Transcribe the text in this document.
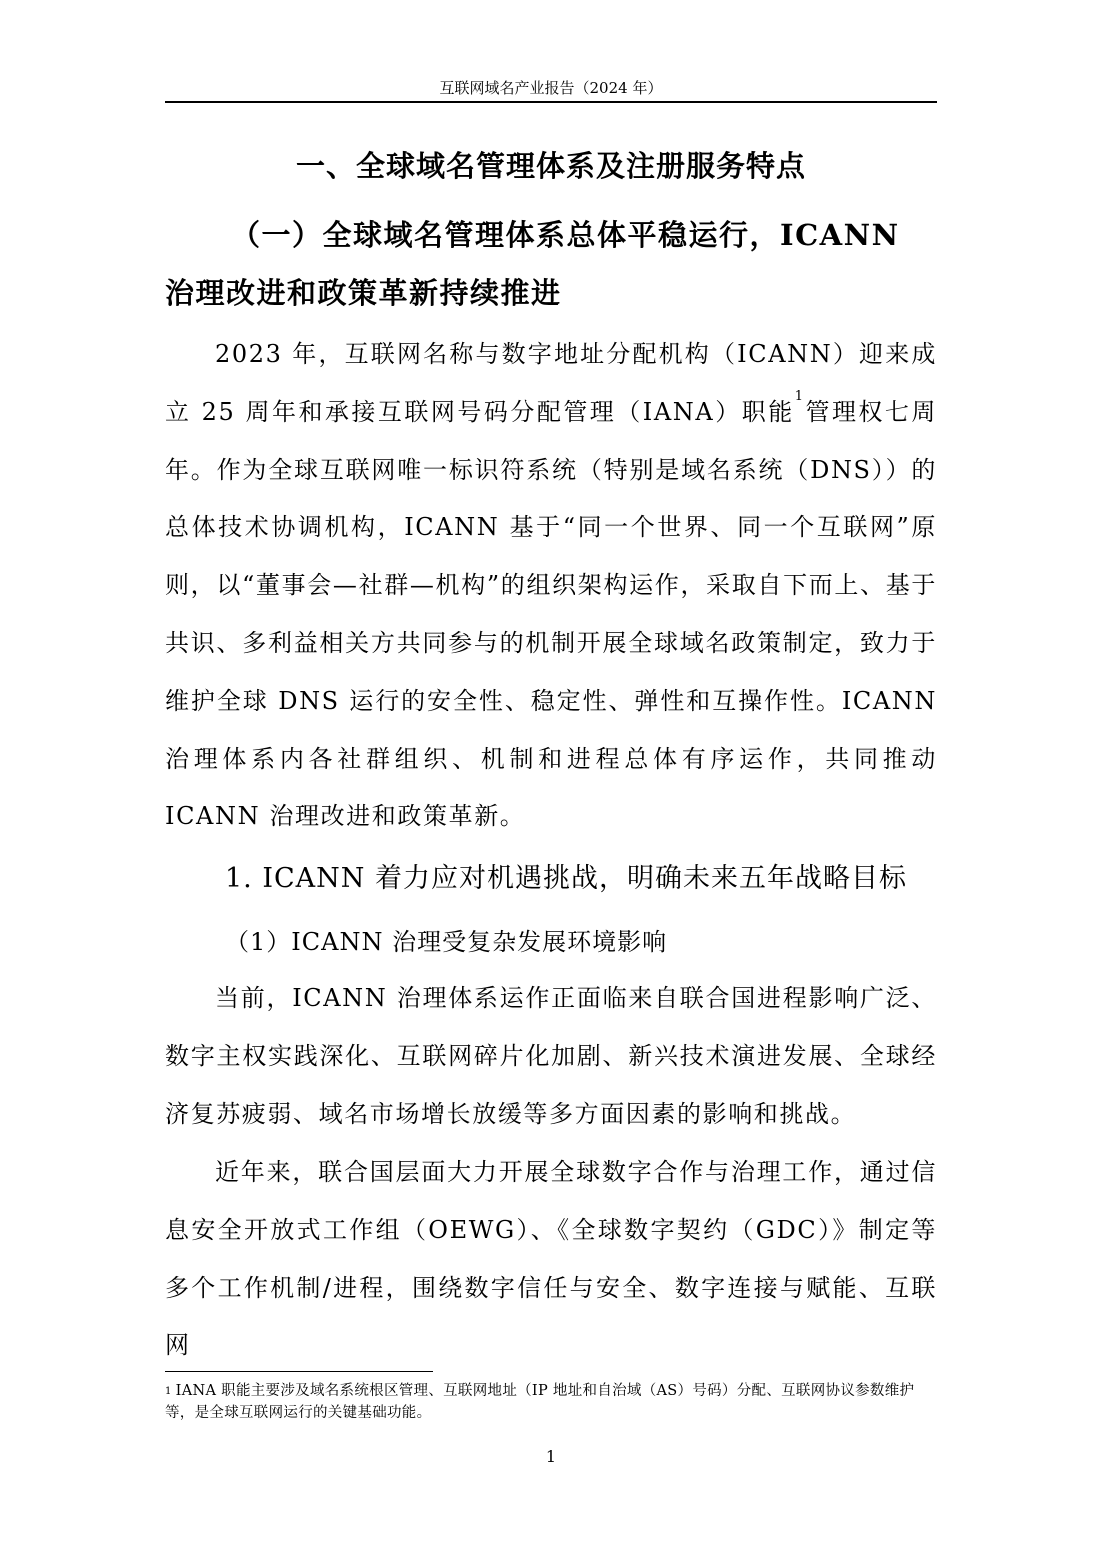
互联网域名产业报告（2024 年）
一、全球域名管理体系及注册服务特点

（一）全球域名管理体系总体平稳运行，ICANN 治理改进和政策革新持续推进

2023 年，互联网名称与数字地址分配机构（ICANN）迎来成立 25 周年和承接互联网号码分配管理（IANA）职能$^1$管理权七周年。作为全球互联网唯一标识符系统（特别是域名系统（DNS））的总体技术协调机构，ICANN 基于“同一个世界、同一个互联网”原则，以“董事会—社群—机构”的组织架构运作，采取自下而上、基于共识、多利益相关方共同参与的机制开展全球域名政策制定，致力于维护全球 DNS 运行的安全性、稳定性、弹性和互操作性。ICANN 治理体系内各社群组织、机制和进程总体有序运作，共同推动 ICANN 治理改进和政策革新。

1. ICANN 着力应对机遇挑战，明确未来五年战略目标
（1）ICANN 治理受复杂发展环境影响

当前，ICANN 治理体系运作正面临来自联合国进程影响广泛、数字主权实践深化、互联网碎片化加剧、新兴技术演进发展、全球经济复苏疲弱、域名市场增长放缓等多方面因素的影响和挑战。

近年来，联合国层面大力开展全球数字合作与治理工作，通过信息安全开放式工作组（OEWG）、《全球数字契约（GDC）》制定等多个工作机制/进程，围绕数字信任与安全、数字连接与赋能、互联网

$^1$ IANA 职能主要涉及域名系统根区管理、互联网地址（IP 地址和自治域（AS）号码）分配、互联网协议参数维护等，是全球互联网运行的关键基础功能。

1
